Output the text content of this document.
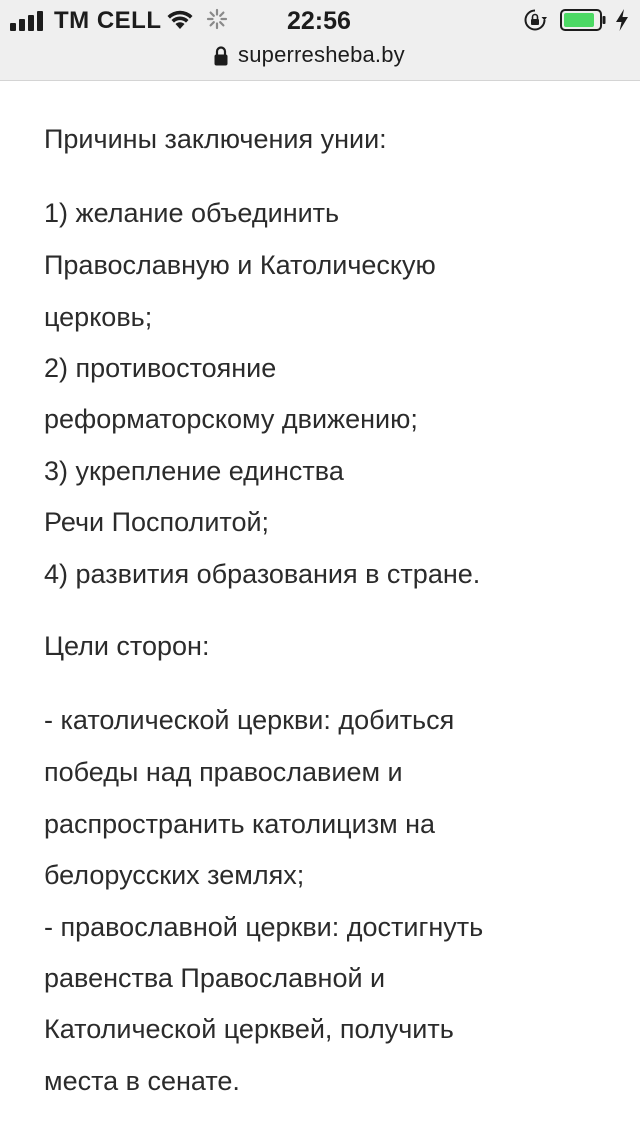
TM CELL	22:56
superresheba.by

Причины заключения унии:

1) желание объединить

Православную и Католическую

церковь;

2) противостояние

реформаторскому движению;

3) укрепление единства

Речи Посполитой;

4) развития образования в стране.

Цели сторон:

- католической церкви: добиться

победы над православием и

распространить католицизм на

белорусских землях;

- православной церкви: достигнуть

равенства Православной и

Католической церквей, получить

места в сенате.
